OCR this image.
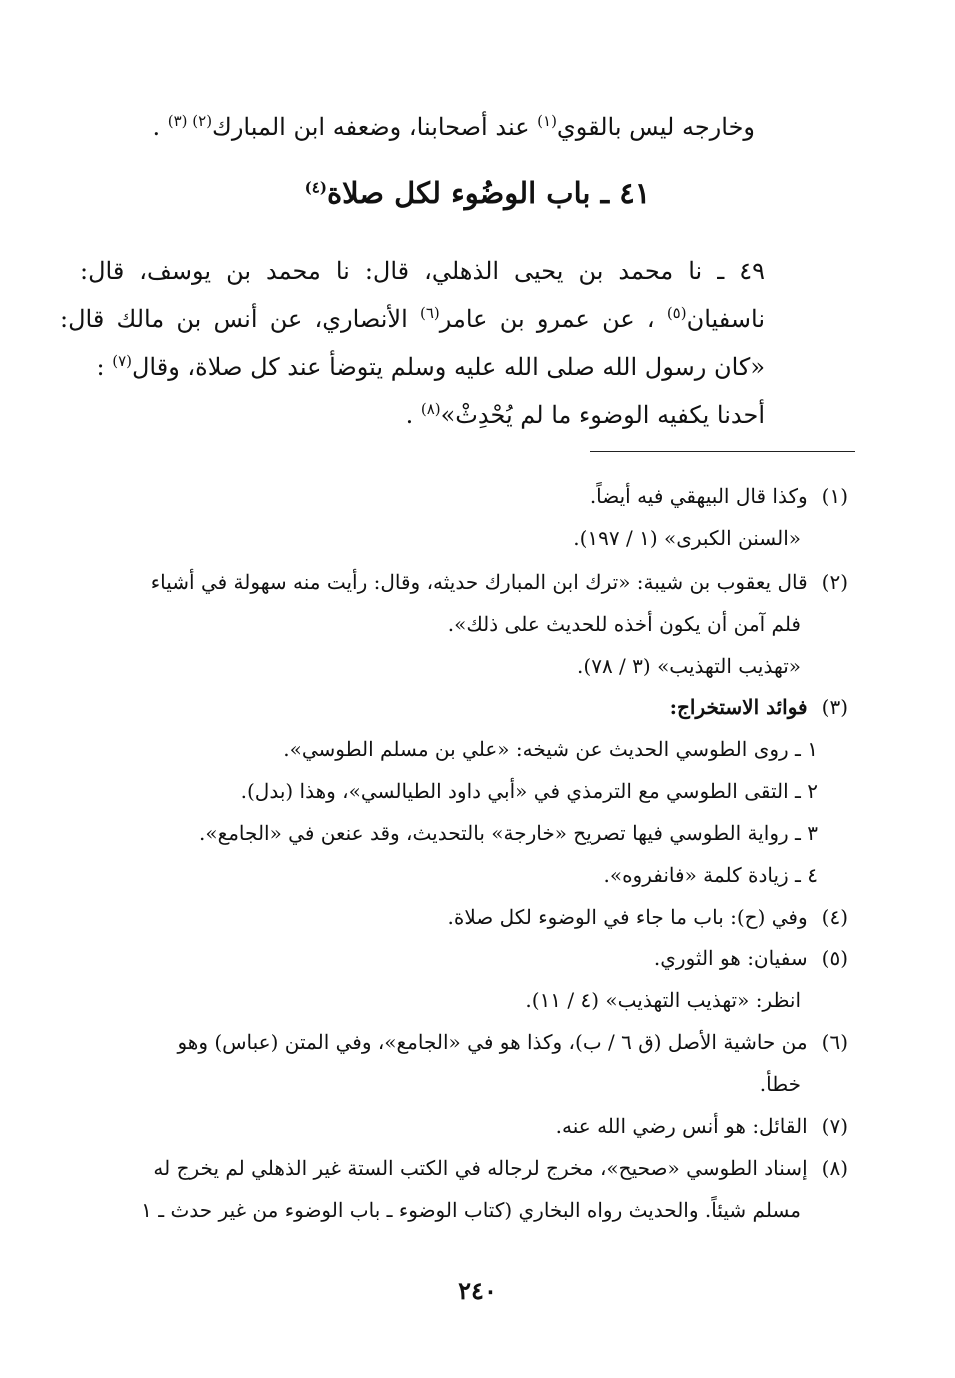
وخارجه ليس بالقوي$^{(١)}$ عند أصحابنا، وضعفه ابن المبارك$^{(٢) (٣)}$ .
٤١ ـ باب الوضُوء لكل صلاة$^{(٤)}$
٤٩ ـ نا محمد بن يحيى الذهلي، قال: نا محمد بن يوسف، قال:
ناسفيان$^{(٥)}$ ، عن عمرو بن عامر$^{(٦)}$ الأنصاري، عن أنس بن مالك قال:
«كان رسول الله صلى الله عليه وسلم يتوضأ عند كل صلاة، وقال$^{(٧)}$ :
أحدنا يكفيه الوضوء ما لم يُحْدِثْ»$^{(٨)}$ .
(١)وكذا قال البيهقي فيه أيضاً.
«السنن الكبرى» (١ / ١٩٧).
(٢)قال يعقوب بن شيبة: «ترك ابن المبارك حديثه، وقال: رأيت منه سهولة في أشياء
فلم آمن أن يكون أخذه للحديث على ذلك».
«تهذيب التهذيب» (٣ / ٧٨).
(٣)فوائد الاستخراج:
١ ـ روى الطوسي الحديث عن شيخه: «علي بن مسلم الطوسي».
٢ ـ التقى الطوسي مع الترمذي في «أبي داود الطيالسي»، وهذا (بدل).
٣ ـ رواية الطوسي فيها تصريح «خارجة» بالتحديث، وقد عنعن في «الجامع».
٤ ـ زيادة كلمة «فانفروه».
(٤)وفي (ح): باب ما جاء في الوضوء لكل صلاة.
(٥)سفيان: هو الثوري.
انظر: «تهذيب التهذيب» (٤ / ١١).
(٦)من حاشية الأصل (ق ٦ / ب)، وكذا هو في «الجامع»، وفي المتن (عباس) وهو
خطأ.
(٧)القائل: هو أنس رضي الله عنه.
(٨)إسناد الطوسي «صحيح»، مخرج لرجاله في الكتب الستة غير الذهلي لم يخرج له
مسلم شيئاً. والحديث رواه البخاري (كتاب الوضوء ـ باب الوضوء من غير حدث ـ ١
٢٤٠
